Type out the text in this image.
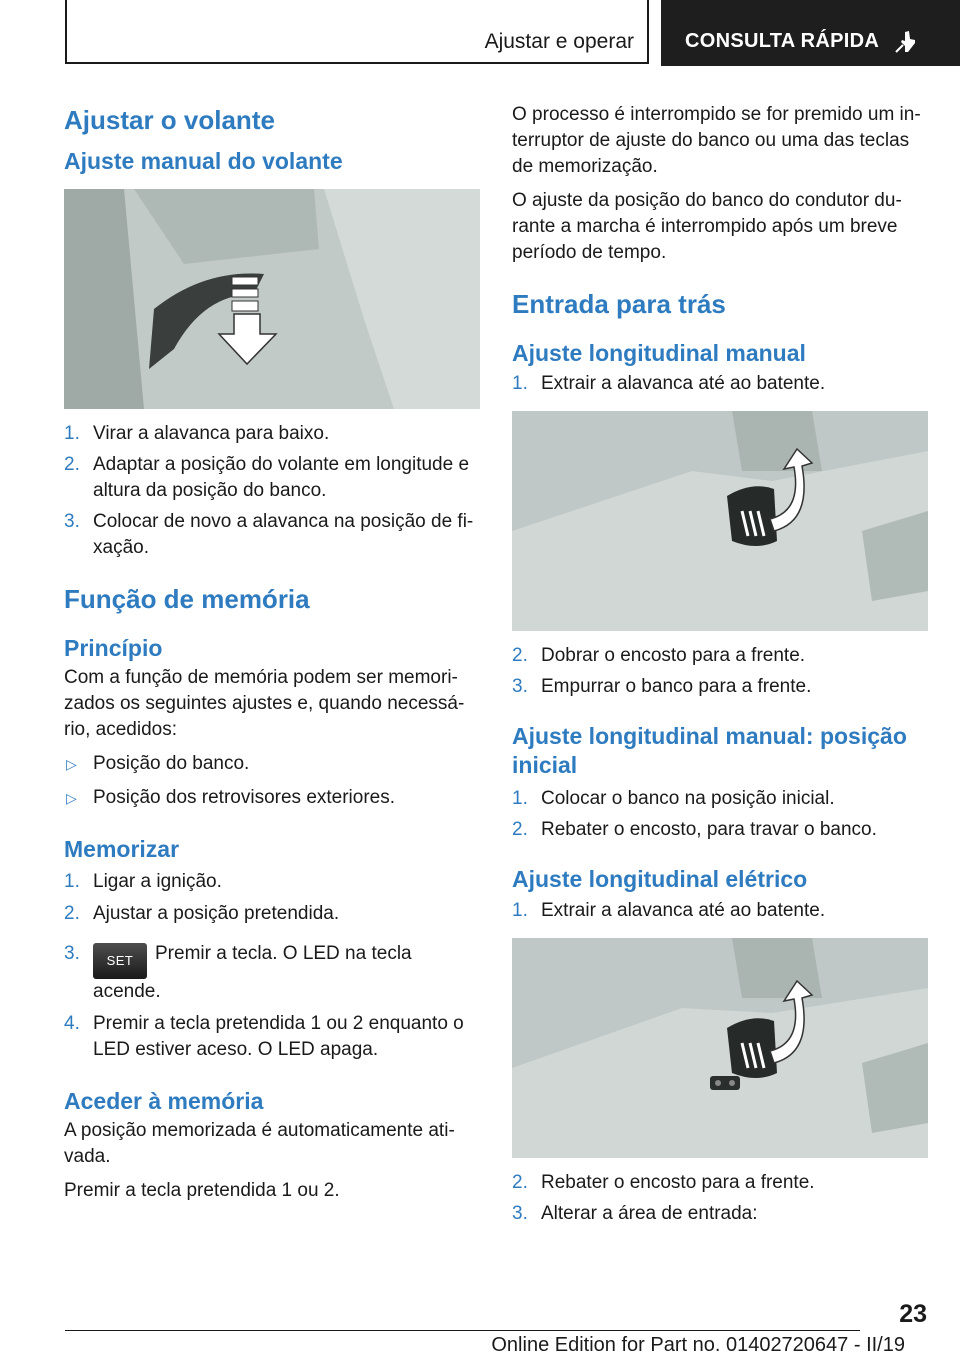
Ajustar e operar	CONSULTA RÁPIDA
Ajustar o volante
Ajuste manual do volante
1. Virar a alavanca para baixo.
2. Adaptar a posição do volante em longitude e altura da posição do banco.
3. Colocar de novo a alavanca na posição de fixação.
Função de memória
Princípio

Com a função de memória podem ser memorizados os seguintes ajustes e, quando necessário, acedidos:

▷ Posição do banco.
▷ Posição dos retrovisores exteriores.
Memorizar
1. Ligar a ignição.
2. Ajustar a posição pretendida.
3. SET Premir a tecla. O LED na tecla acende.
4. Premir a tecla pretendida 1 ou 2 enquanto o LED estiver aceso. O LED apaga.
Aceder à memória

A posição memorizada é automaticamente ativada.

Premir a tecla pretendida 1 ou 2.

O processo é interrompido se for premido um interruptor de ajuste do banco ou uma das teclas de memorização.

O ajuste da posição do banco do condutor durante a marcha é interrompido após um breve período de tempo.

Entrada para trás
Ajuste longitudinal manual
1. Extrair a alavanca até ao batente.
2. Dobrar o encosto para a frente.
3. Empurrar o banco para a frente.
Ajuste longitudinal manual: posição inicial
1. Colocar o banco na posição inicial.
2. Rebater o encosto, para travar o banco.
Ajuste longitudinal elétrico
1. Extrair a alavanca até ao batente.
2. Rebater o encosto para a frente.
3. Alterar a área de entrada:
23
Online Edition for Part no. 01402720647 - II/19
